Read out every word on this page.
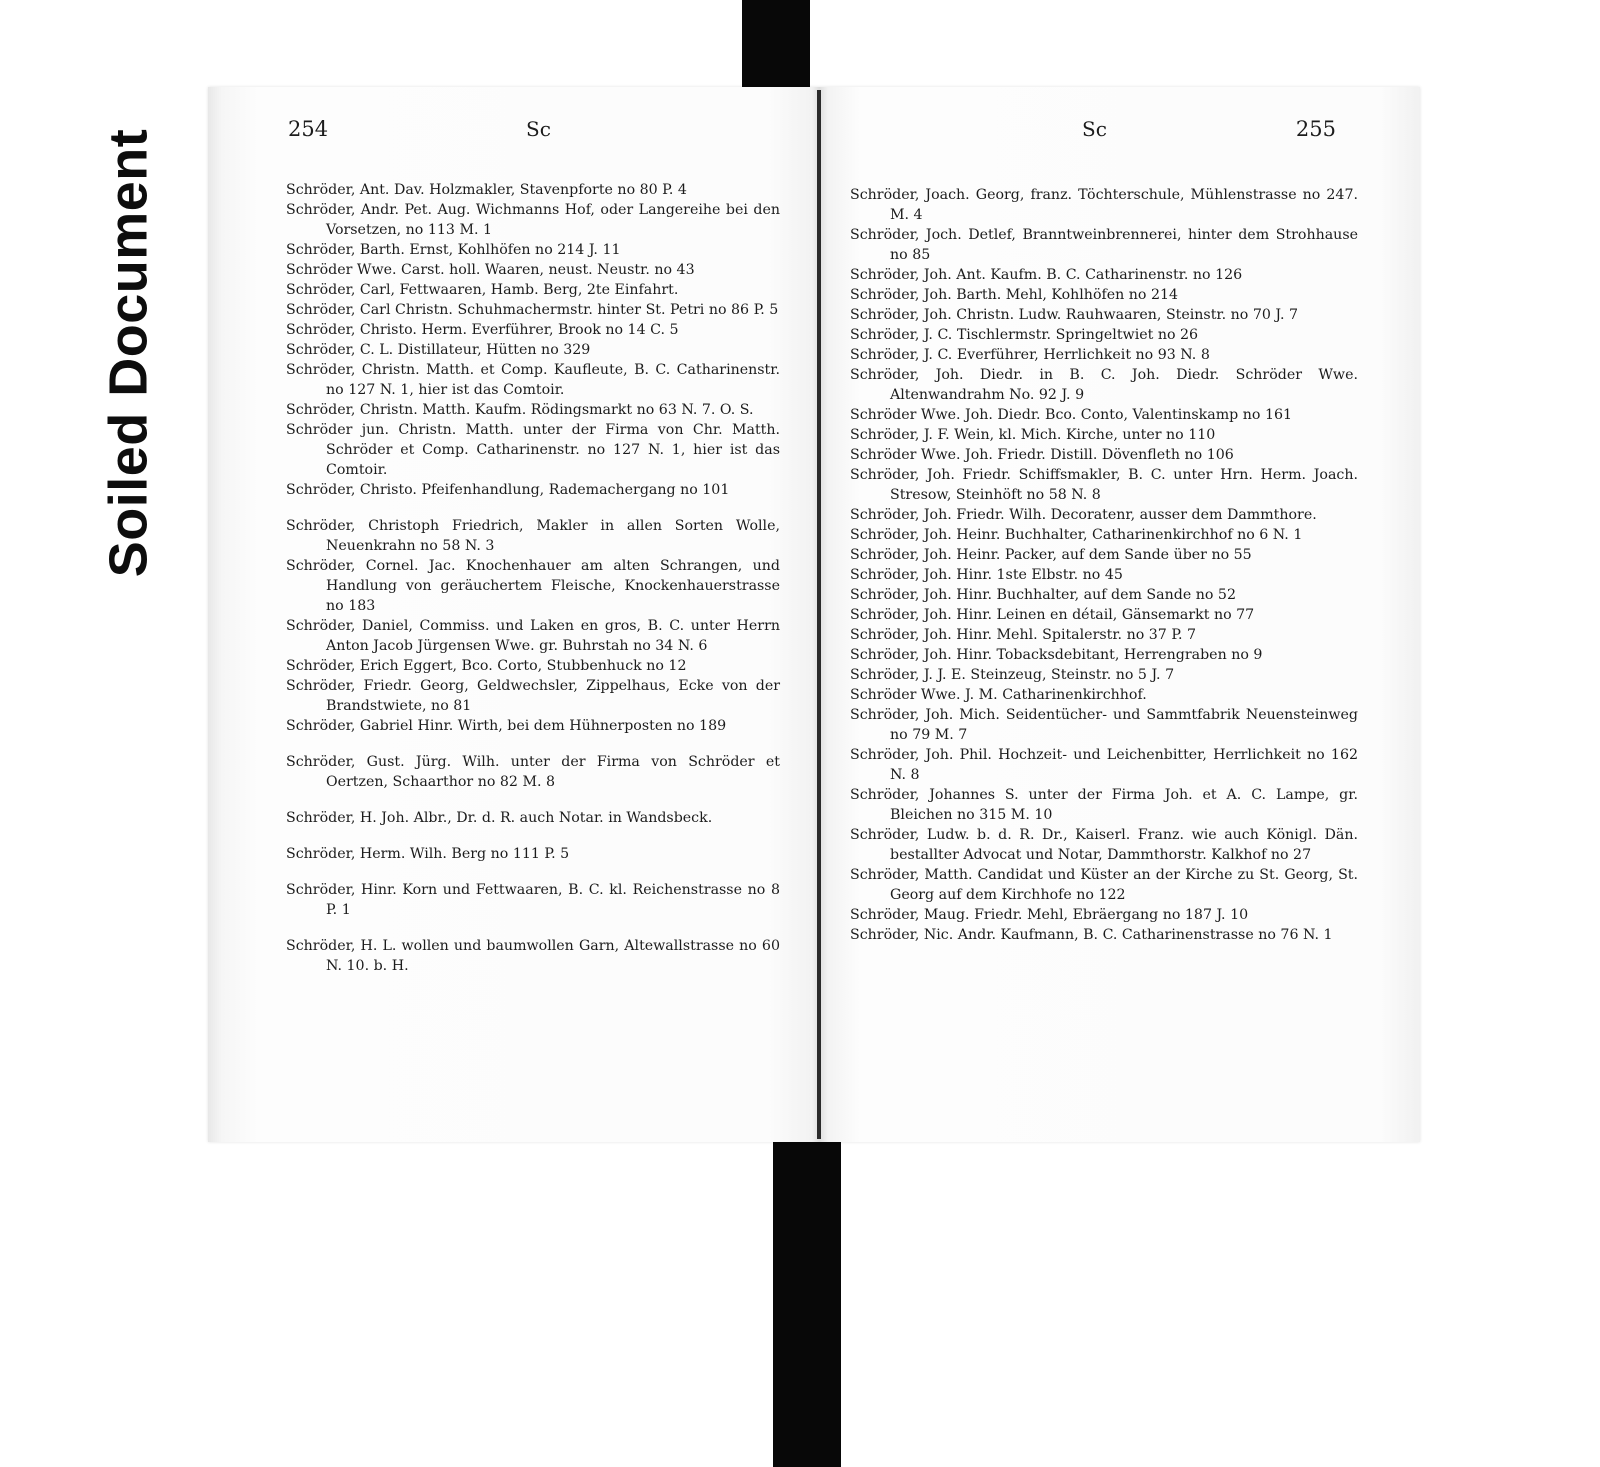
Soiled Document	254	Sc

Schröder, Ant. Dav. Holzmakler, Stavenpforte no 80 P. 4

Schröder, Andr. Pet. Aug. Wichmanns Hof, oder Langereihe bei den Vorsetzen, no 113 M. 1

Schröder, Barth. Ernst, Kohlhöfen no 214 J. 11

Schröder Wwe. Carst. holl. Waaren, neust. Neustr. no 43

Schröder, Carl, Fettwaaren, Hamb. Berg, 2te Einfahrt.

Schröder, Carl Christn. Schuhmachermstr. hinter St. Petri no 86 P. 5

Schröder, Christo. Herm. Everführer, Brook no 14 C. 5

Schröder, C. L. Distillateur, Hütten no 329

Schröder, Christn. Matth. et Comp. Kaufleute, B. C. Catharinenstr. no 127 N. 1, hier ist das Comtoir.

Schröder, Christn. Matth. Kaufm. Rödingsmarkt no 63 N. 7. O. S.

Schröder jun. Christn. Matth. unter der Firma von Chr. Matth. Schröder et Comp. Catharinenstr. no 127 N. 1, hier ist das Comtoir.

Schröder, Christo. Pfeifenhandlung, Rademachergang no 101

Schröder, Christoph Friedrich, Makler in allen Sorten Wolle, Neuenkrahn no 58 N. 3

Schröder, Cornel. Jac. Knochenhauer am alten Schrangen, und Handlung von geräuchertem Fleische, Knockenhauerstrasse no 183

Schröder, Daniel, Commiss. und Laken en gros, B. C. unter Herrn Anton Jacob Jürgensen Wwe. gr. Buhrstah no 34 N. 6

Schröder, Erich Eggert, Bco. Corto, Stubbenhuck no 12

Schröder, Friedr. Georg, Geldwechsler, Zippelhaus, Ecke von der Brandstwiete, no 81

Schröder, Gabriel Hinr. Wirth, bei dem Hühnerposten no 189

Schröder, Gust. Jürg. Wilh. unter der Firma von Schröder et Oertzen, Schaarthor no 82 M. 8

Schröder, H. Joh. Albr., Dr. d. R. auch Notar. in Wandsbeck.

Schröder, Herm. Wilh. Berg no 111 P. 5

Schröder, Hinr. Korn und Fettwaaren, B. C. kl. Reichenstrasse no 8 P. 1

Schröder, H. L. wollen und baumwollen Garn, Altewallstrasse no 60 N. 10. b. H.

Sc	255

Schröder, Joach. Georg, franz. Töchterschule, Mühlenstrasse no 247. M. 4

Schröder, Joch. Detlef, Branntweinbrennerei, hinter dem Strohhause no 85

Schröder, Joh. Ant. Kaufm. B. C. Catharinenstr. no 126

Schröder, Joh. Barth. Mehl, Kohlhöfen no 214

Schröder, Joh. Christn. Ludw. Rauhwaaren, Steinstr. no 70 J. 7

Schröder, J. C. Tischlermstr. Springeltwiet no 26

Schröder, J. C. Everführer, Herrlichkeit no 93 N. 8

Schröder, Joh. Diedr. in B. C. Joh. Diedr. Schröder Wwe. Altenwandrahm No. 92 J. 9

Schröder Wwe. Joh. Diedr. Bco. Conto, Valentinskamp no 161

Schröder, J. F. Wein, kl. Mich. Kirche, unter no 110

Schröder Wwe. Joh. Friedr. Distill. Dövenfleth no 106

Schröder, Joh. Friedr. Schiffsmakler, B. C. unter Hrn. Herm. Joach. Stresow, Steinhöft no 58 N. 8

Schröder, Joh. Friedr. Wilh. Decoratenr, ausser dem Dammthore.

Schröder, Joh. Heinr. Buchhalter, Catharinenkirchhof no 6 N. 1

Schröder, Joh. Heinr. Packer, auf dem Sande über no 55

Schröder, Joh. Hinr. 1ste Elbstr. no 45

Schröder, Joh. Hinr. Buchhalter, auf dem Sande no 52

Schröder, Joh. Hinr. Leinen en détail, Gänsemarkt no 77

Schröder, Joh. Hinr. Mehl. Spitalerstr. no 37 P. 7

Schröder, Joh. Hinr. Tobacksdebitant, Herrengraben no 9

Schröder, J. J. E. Steinzeug, Steinstr. no 5 J. 7

Schröder Wwe. J. M. Catharinenkirchhof.

Schröder, Joh. Mich. Seidentücher- und Sammtfabrik Neuensteinweg no 79 M. 7

Schröder, Joh. Phil. Hochzeit- und Leichenbitter, Herrlichkeit no 162 N. 8

Schröder, Johannes S. unter der Firma Joh. et A. C. Lampe, gr. Bleichen no 315 M. 10

Schröder, Ludw. b. d. R. Dr., Kaiserl. Franz. wie auch Königl. Dän. bestallter Advocat und Notar, Dammthorstr. Kalkhof no 27

Schröder, Matth. Candidat und Küster an der Kirche zu St. Georg, St. Georg auf dem Kirchhofe no 122

Schröder, Maug. Friedr. Mehl, Ebräergang no 187 J. 10

Schröder, Nic. Andr. Kaufmann, B. C. Catharinenstrasse no 76 N. 1
